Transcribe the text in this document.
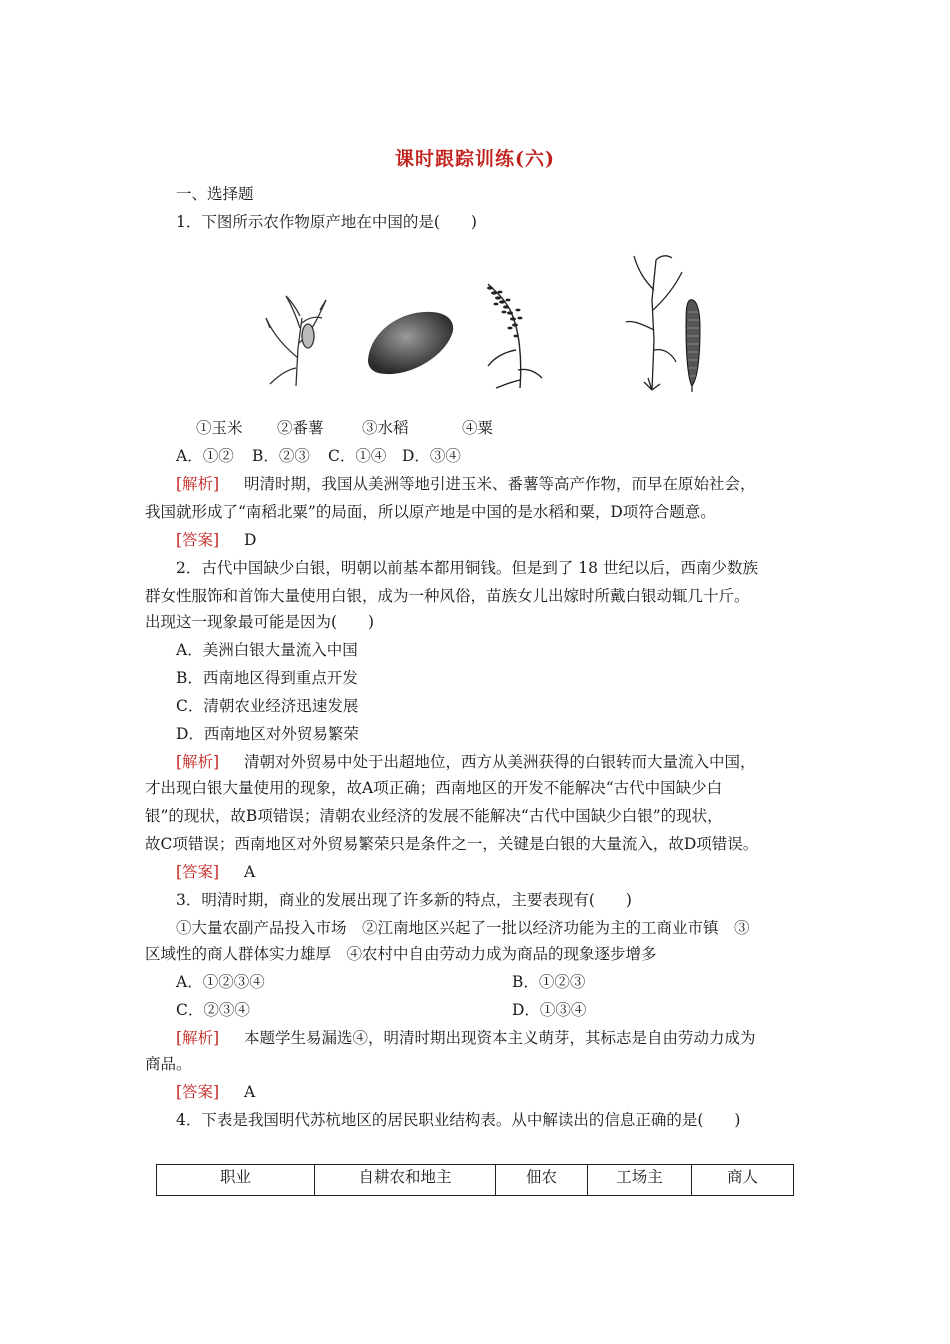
课时跟踪训练(六)
一、选择题
1．下图所示农作物原产地在中国的是(　　)
①玉米 ②番薯 ③水稻	④粟
A．①② B．②③ C．①④ D．③④
[解析] 明清时期，我国从美洲等地引进玉米、番薯等高产作物，而早在原始社会，
我国就形成了“南稻北粟”的局面，所以原产地是中国的是水稻和粟，D项符合题意。
[答案] D
2．古代中国缺少白银，明朝以前基本都用铜钱。但是到了 18 世纪以后，西南少数族
群女性服饰和首饰大量使用白银，成为一种风俗，苗族女儿出嫁时所戴白银动辄几十斤。
出现这一现象最可能是因为(　　)
A．美洲白银大量流入中国
B．西南地区得到重点开发
C．清朝农业经济迅速发展
D．西南地区对外贸易繁荣
[解析] 清朝对外贸易中处于出超地位，西方从美洲获得的白银转而大量流入中国，
才出现白银大量使用的现象，故A项正确；西南地区的开发不能解决“古代中国缺少白
银”的现状，故B项错误；清朝农业经济的发展不能解决“古代中国缺少白银”的现状，
故C项错误；西南地区对外贸易繁荣只是条件之一，关键是白银的大量流入，故D项错误。
[答案] A
3．明清时期，商业的发展出现了许多新的特点，主要表现有(　　)
①大量农副产品投入市场　②江南地区兴起了一批以经济功能为主的工商业市镇　③
区域性的商人群体实力雄厚　④农村中自由劳动力成为商品的现象逐步增多
A．①②③④	B．①②③
C．②③④	D．①③④
[解析] 本题学生易漏选④，明清时期出现资本主义萌芽，其标志是自由劳动力成为
商品。
[答案] A
4．下表是我国明代苏杭地区的居民职业结构表。从中解读出的信息正确的是(　　)
职业	自耕农和地主	佃农	工场主	商人
